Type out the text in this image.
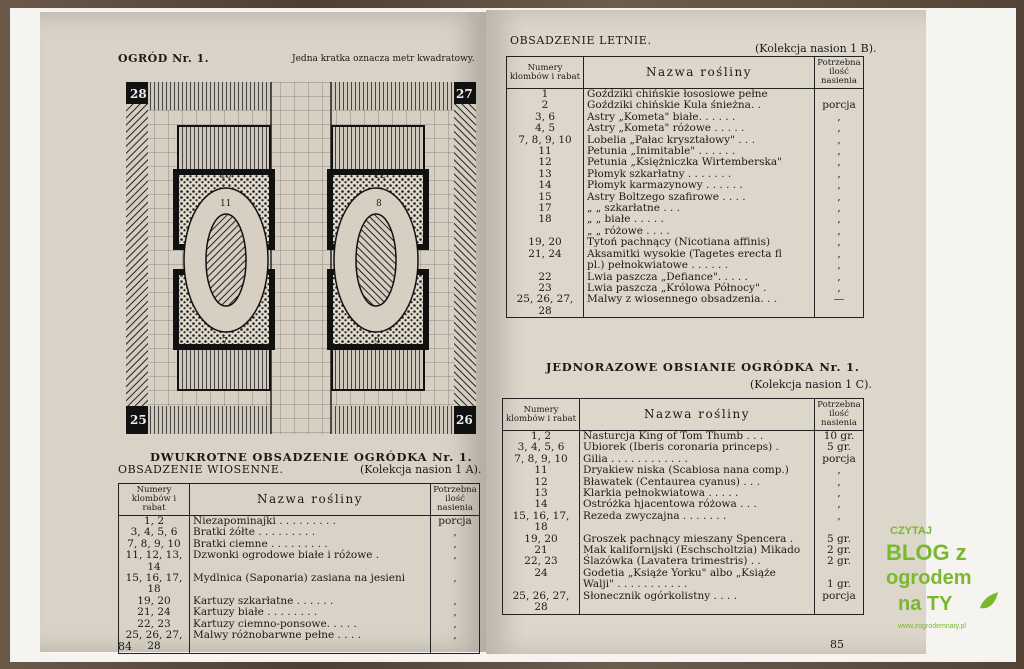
OGRÓD Nr. 1.	Jedna kratka oznacza metr kwadratowy.
28	27
25	26
10	12
7	9
11	8
DWUKROTNE OBSADZENIE OGRÓDKA Nr. 1.
OBSADZENIE WIOSENNE.	(Kolekcja nasion 1 A).
Numery klombów i rabat	Nazwa rośliny	Potrzebna ilość nasienia
1, 2	Niezapominajki . . . . . . . . .	porcja
3, 4, 5, 6	Bratki żółte . . . . . . . . .	,
7, 8, 9, 10	Bratki ciemne . . . . . . . . .	,
11, 12, 13, 14	Dzwonki ogrodowe białe i różowe .	,
15, 16, 17, 18	Mydlnica (Saponaria) zasiana na jesieni	,
19, 20	Kartuzy szkarłatne . . . . . .	,
21, 24	Kartuzy białe . . . . . . . .	,
22, 23	Kartuzy ciemno-ponsowe. . . . .	,
25, 26, 27, 28	Malwy różnobarwne pełne . . . .	,
84
OBSADZENIE LETNIE.
(Kolekcja nasion 1 B).
Numery klombów i rabat	Nazwa rośliny	Potrzebna ilość nasienia
1	Goździki chińskie łososiowe pełne	
2	Goździki chińskie Kula śnieżna. .	porcja
3, 6	Astry „Kometa" białe. . . . . .	,
4, 5	Astry „Kometa" różowe . . . . .	,
7, 8, 9, 10	Lobelia „Pałac kryształowy" . . .	,
11	Petunia „Inimitable" . . . . . .	,
12	Petunia „Księżniczka Wirtemberska"	,
13	Płomyk szkarłatny . . . . . . .	,
14	Płomyk karmazynowy . . . . . .	,
15	Astry Boltzego szafirowe . . . .	,
17	„ „ szkarłatne . . .	,
18	„ „ białe . . . . .	,
	„ „ różowe . . . .	,
19, 20	Tytoń pachnący (Nicotiana affinis)	,
21, 24	Aksamitki wysokie (Tagetes erecta fl	,
	pl.) pełnokwiatowe . . . . . .	,
22	Lwia paszcza „Defiance". . . . .	,
23	Lwia paszcza „Królowa Północy" .	,
25, 26, 27, 28	Malwy z wiosennego obsadzenia. . .	—
JEDNORAZOWE OBSIANIE OGRÓDKA Nr. 1.
(Kolekcja nasion 1 C).
Numery klombów i rabat	Nazwa rośliny	Potrzebna ilość nasienia
1, 2	Nasturcja King of Tom Thumb . . .	10 gr.
3, 4, 5, 6	Ubiorek (Iberis coronaria princeps) .	5 gr.
7, 8, 9, 10	Gilia . . . . . . . . . . . .	porcja
11	Dryakiew niska (Scabiosa nana comp.)	,
12	Bławatek (Centaurea cyanus) . . .	,
13	Klarkia pełnokwiatowa . . . . .	,
14	Ostróżka hjacentowa różowa . . .	,
15, 16, 17, 18	Rezeda zwyczajna . . . . . . .	,
19, 20	Groszek pachnący mieszany Spencera .	5 gr.
21	Mak kalifornijski (Eschscholtzia) Mikado	2 gr.
22, 23	Ślazówka (Lavatera trimestris) . .	2 gr.
24	Godetia „Książe Yorku" albo „Książe	
	Walji" . . . . . . . . . . .	1 gr.
25, 26, 27, 28	Słonecznik ogórkolistny . . . .	porcja
85
CZYTAJ
BLOG z
ogrodem
na TY
www.zogrodemnaty.pl
